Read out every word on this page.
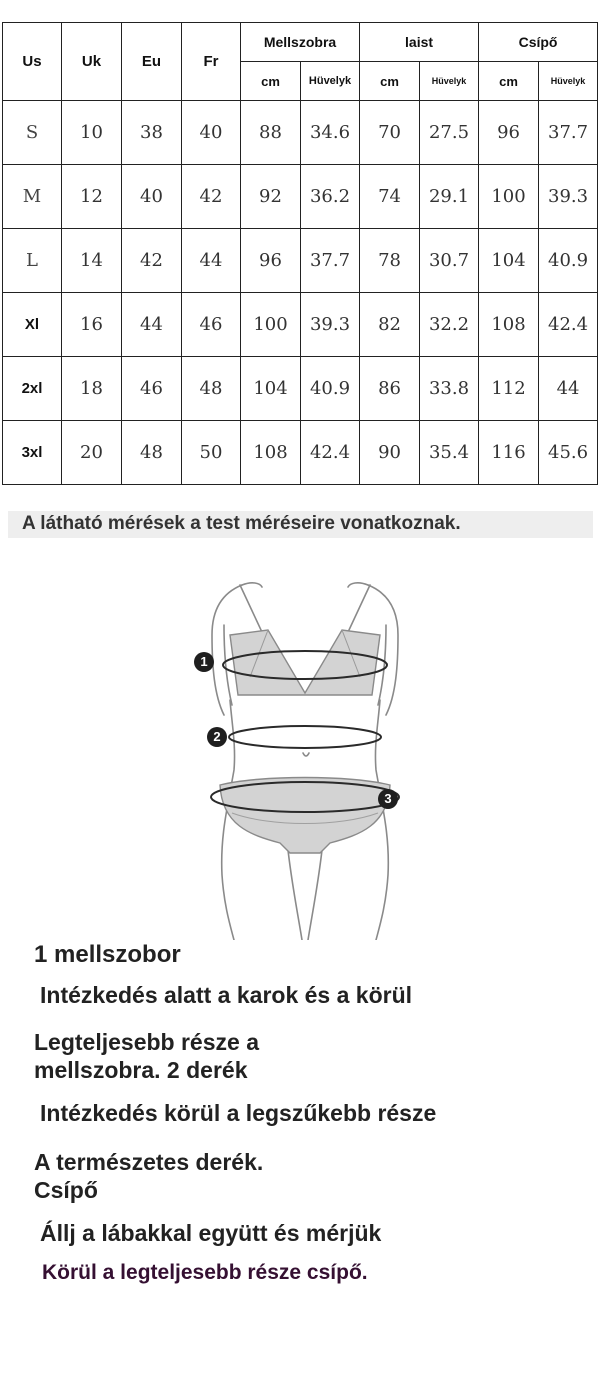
Us	Uk	Eu	Fr	Mellszobra		laist		Csípő	
				cm	Hüvelyk	cm	Hüvelyk	cm	Hüvelyk
S	10	38	40	88	34.6	70	27.5	96	37.7
M	12	40	42	92	36.2	74	29.1	100	39.3
L	14	42	44	96	37.7	78	30.7	104	40.9
Xl	16	44	46	100	39.3	82	32.2	108	42.4
2xl	18	46	48	104	40.9	86	33.8	112	44
3xl	20	48	50	108	42.4	90	35.4	116	45.6
A látható mérések a test méréseire vonatkoznak.
1
2
3
1 mellszobor
Intézkedés alatt a karok és a körül
Legteljesebb része a
mellszobra. 2 derék
Intézkedés körül a legszűkebb része
A természetes derék.
Csípő
Állj a lábakkal együtt és mérjük
Körül a legteljesebb része csípő.
